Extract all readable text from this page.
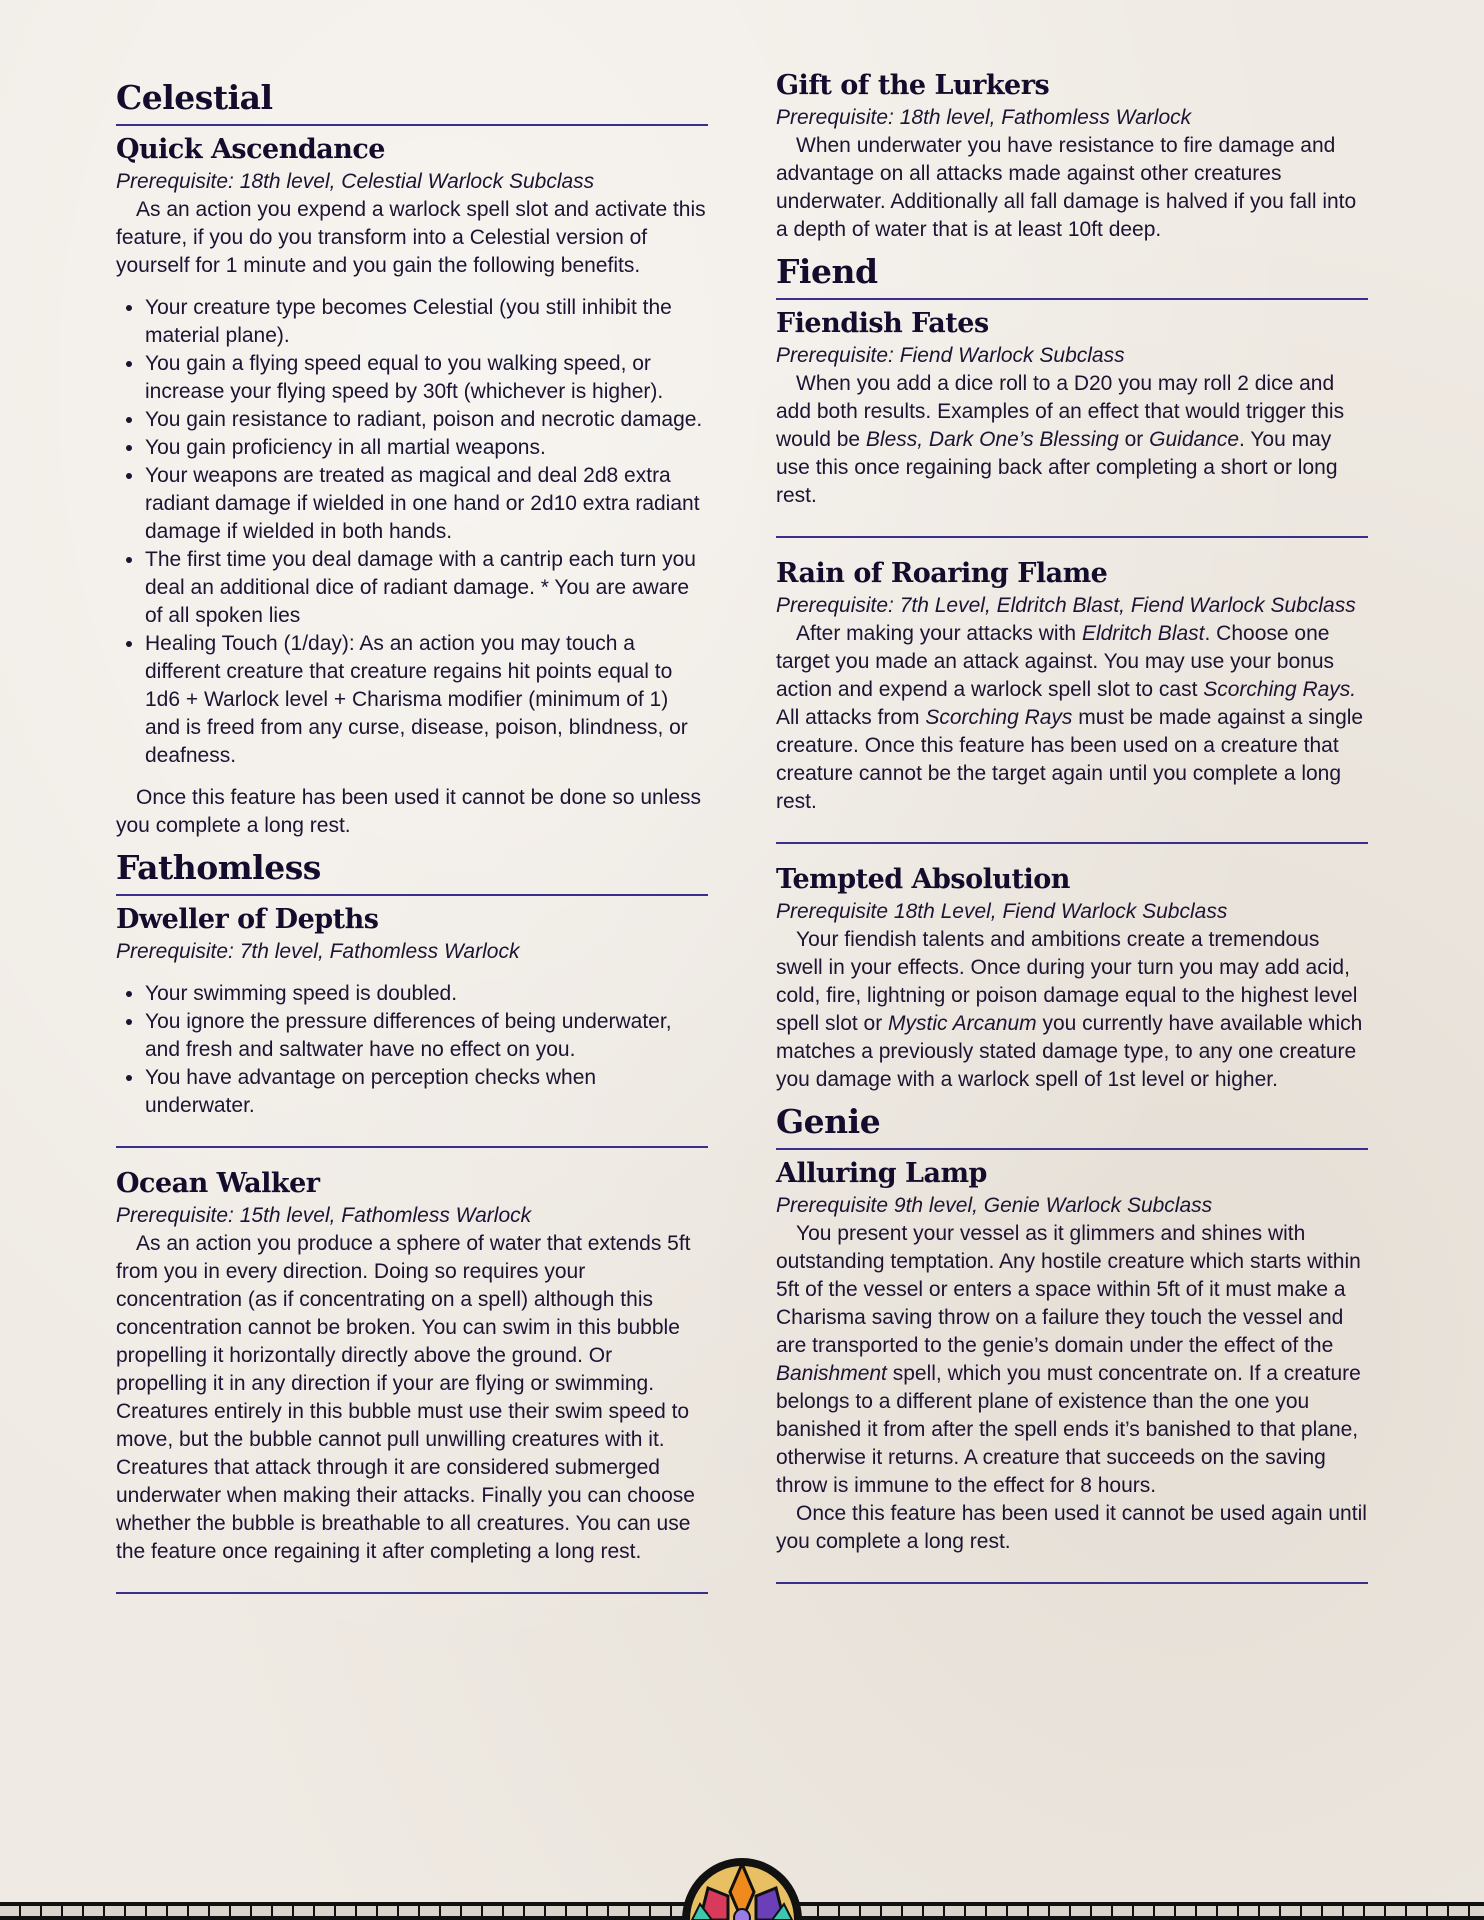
Celestial
Quick Ascendance
Prerequisite: 18th level, Celestial Warlock Subclass

As an action you expend a warlock spell slot and activate this feature, if you do you transform into a Celestial version of yourself for 1 minute and you gain the following benefits.

• Your creature type becomes Celestial (you still inhibit the material plane).
• You gain a flying speed equal to you walking speed, or increase your flying speed by 30ft (whichever is higher).
• You gain resistance to radiant, poison and necrotic damage.
• You gain proficiency in all martial weapons.
• Your weapons are treated as magical and deal 2d8 extra radiant damage if wielded in one hand or 2d10 extra radiant damage if wielded in both hands.
• The first time you deal damage with a cantrip each turn you deal an additional dice of radiant damage. * You are aware of all spoken lies
• Healing Touch (1/day): As an action you may touch a different creature that creature regains hit points equal to 1d6 + Warlock level + Charisma modifier (minimum of 1) and is freed from any curse, disease, poison, blindness, or deafness.

Once this feature has been used it cannot be done so unless you complete a long rest.

Fathomless
Dweller of Depths
Prerequisite: 7th level, Fathomless Warlock
• Your swimming speed is doubled.
• You ignore the pressure differences of being underwater, and fresh and saltwater have no effect on you.
• You have advantage on perception checks when underwater.
Ocean Walker
Prerequisite: 15th level, Fathomless Warlock

As an action you produce a sphere of water that extends 5ft from you in every direction. Doing so requires your concentration (as if concentrating on a spell) although this concentration cannot be broken. You can swim in this bubble propelling it horizontally directly above the ground. Or propelling it in any direction if your are flying or swimming. Creatures entirely in this bubble must use their swim speed to move, but the bubble cannot pull unwilling creatures with it. Creatures that attack through it are considered submerged underwater when making their attacks. Finally you can choose whether the bubble is breathable to all creatures. You can use the feature once regaining it after completing a long rest.

Gift of the Lurkers
Prerequisite: 18th level, Fathomless Warlock

When underwater you have resistance to fire damage and advantage on all attacks made against other creatures underwater. Additionally all fall damage is halved if you fall into a depth of water that is at least 10ft deep.

Fiend
Fiendish Fates
Prerequisite: Fiend Warlock Subclass

When you add a dice roll to a D20 you may roll 2 dice and add both results. Examples of an effect that would trigger this would be Bless, Dark One’s Blessing or Guidance. You may use this once regaining back after completing a short or long rest.

Rain of Roaring Flame
Prerequisite: 7th Level, Eldritch Blast, Fiend Warlock Subclass

After making your attacks with Eldritch Blast. Choose one target you made an attack against. You may use your bonus action and expend a warlock spell slot to cast Scorching Rays. All attacks from Scorching Rays must be made against a single creature. Once this feature has been used on a creature that creature cannot be the target again until you complete a long rest.

Tempted Absolution
Prerequisite 18th Level, Fiend Warlock Subclass

Your fiendish talents and ambitions create a tremendous swell in your effects. Once during your turn you may add acid, cold, fire, lightning or poison damage equal to the highest level spell slot or Mystic Arcanum you currently have available which matches a previously stated damage type, to any one creature you damage with a warlock spell of 1st level or higher.

Genie
Alluring Lamp
Prerequisite 9th level, Genie Warlock Subclass

You present your vessel as it glimmers and shines with outstanding temptation. Any hostile creature which starts within 5ft of the vessel or enters a space within 5ft of it must make a Charisma saving throw on a failure they touch the vessel and are transported to the genie’s domain under the effect of the Banishment spell, which you must concentrate on. If a creature belongs to a different plane of existence than the one you banished it from after the spell ends it’s banished to that plane, otherwise it returns. A creature that succeeds on the saving throw is immune to the effect for 8 hours.

Once this feature has been used it cannot be used again until you complete a long rest.
